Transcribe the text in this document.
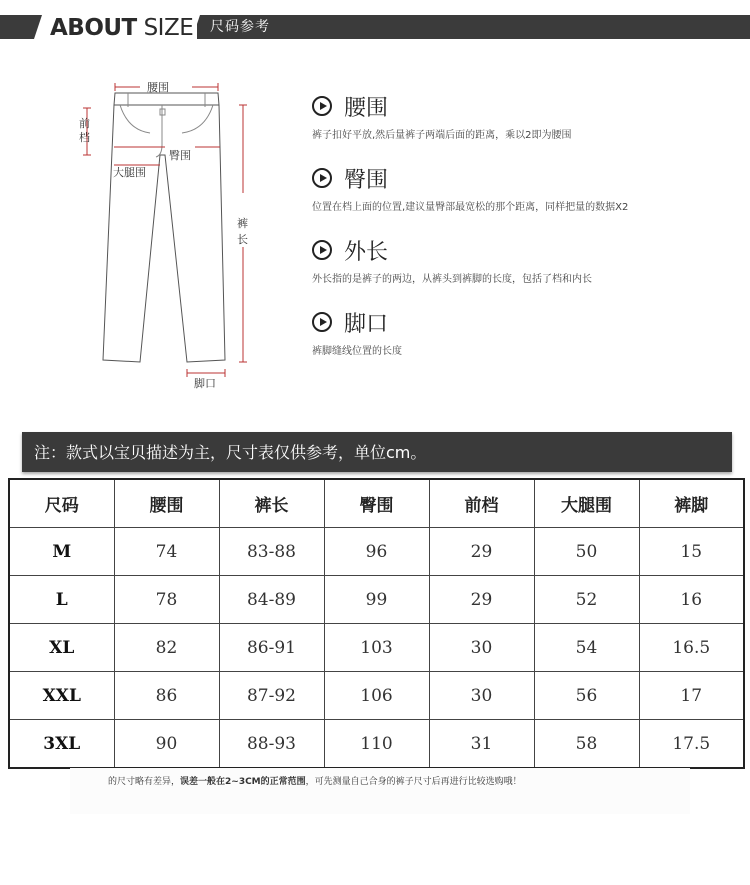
ABOUT SIZE 尺码参考
腰围
前档
臀围
大腿围
裤长
脚口
腰围
裤子扣好平放,然后量裤子两端后面的距离，乘以2即为腰围
臀围
位置在档上面的位置,建议量臀部最宽松的那个距离，同样把量的数据X2
外长
外长指的是裤子的两边，从裤头到裤脚的长度，包括了档和内长
脚口
裤脚缝线位置的长度
注：款式以宝贝描述为主，尺寸表仅供参考，单位cm。
尺码	腰围	裤长	臀围	前档	大腿围	裤脚
M	74	83-88	96	29	50	15
L	78	84-89	99	29	52	16
XL	82	86-91	103	30	54	16.5
XXL	86	87-92	106	30	56	17
3XL	90	88-93	110	31	58	17.5
的尺寸略有差异，误差一般在2~3CM的正常范围，可先测量自己合身的裤子尺寸后再进行比较选购哦！
